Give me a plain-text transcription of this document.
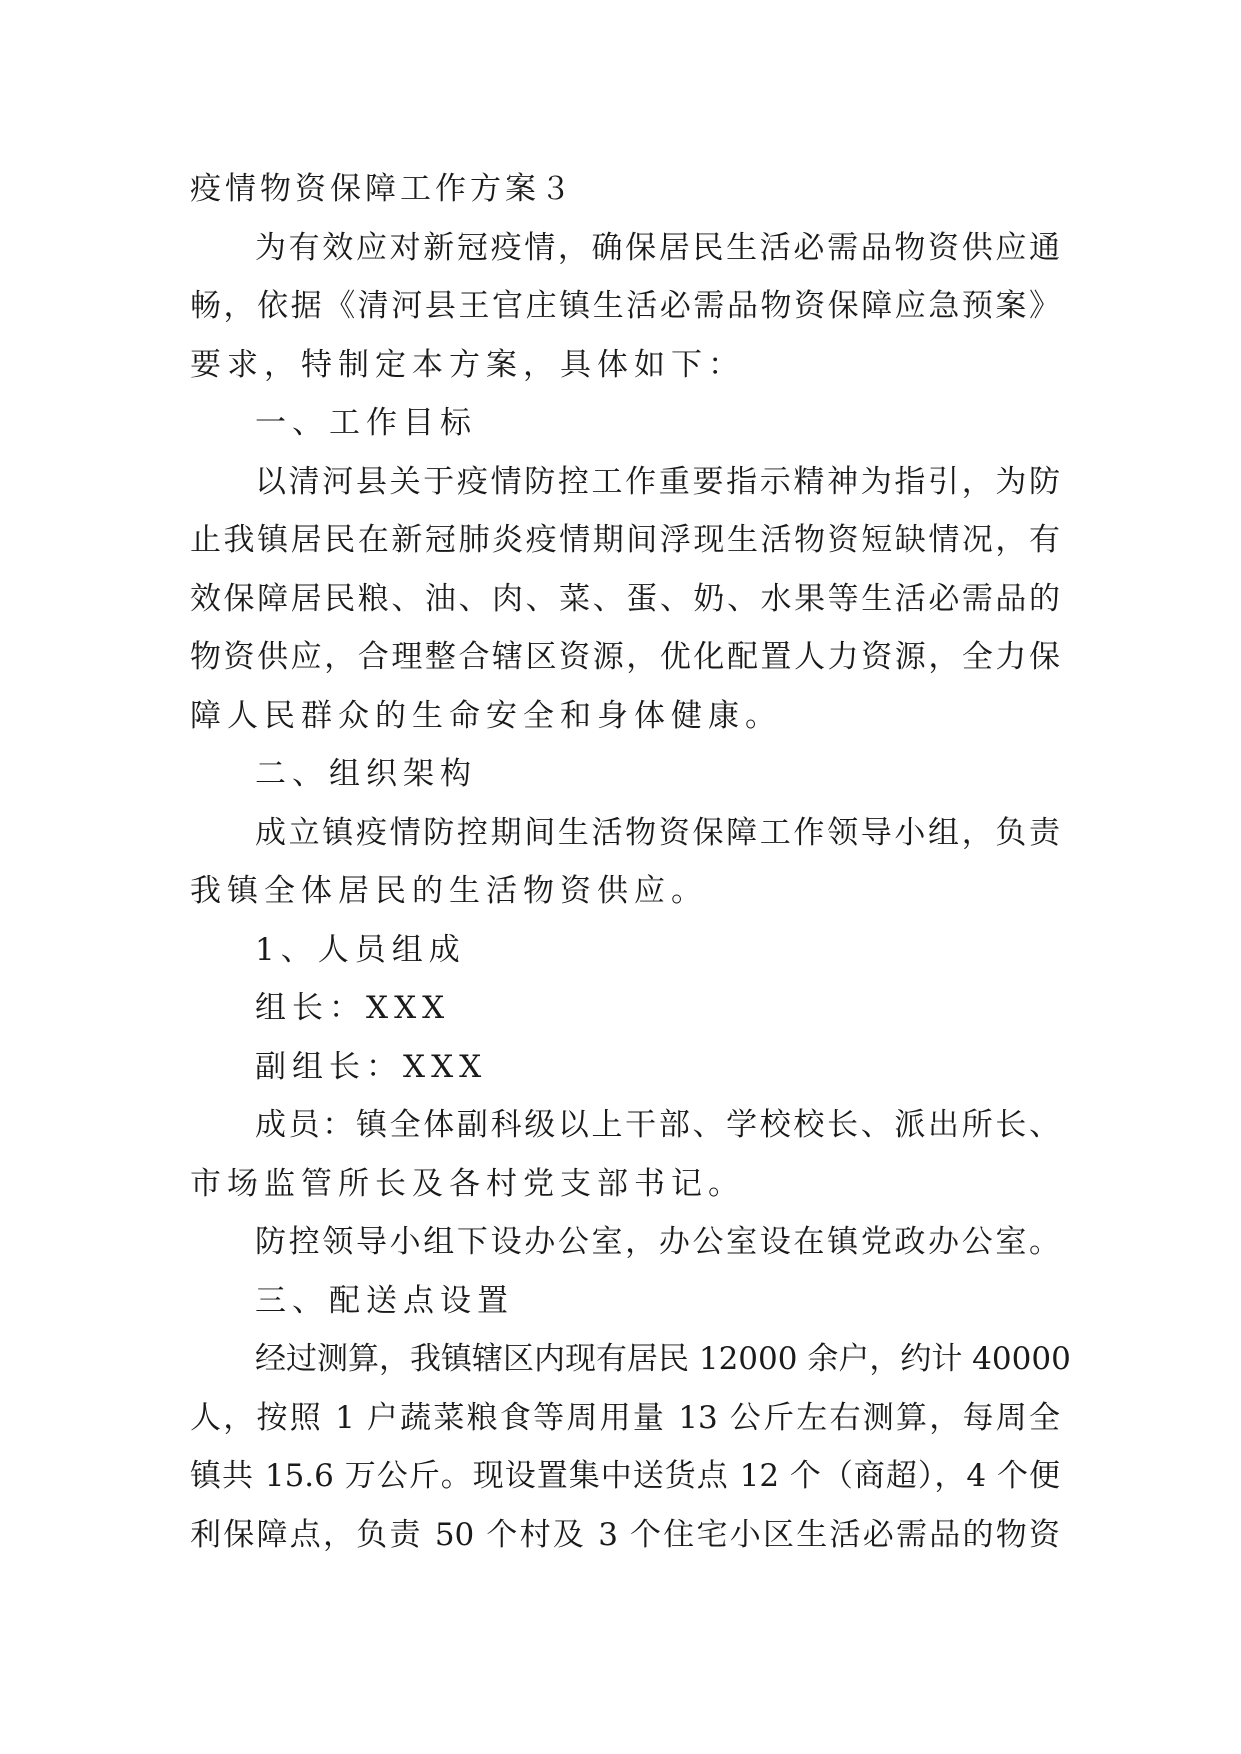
疫情物资保障工作方案３
为有效应对新冠疫情，确保居民生活必需品物资供应通
畅，依据《清河县王官庄镇生活必需品物资保障应急预案》
要求，特制定本方案，具体如下：
一、工作目标
以清河县关于疫情防控工作重要指示精神为指引，为防
止我镇居民在新冠肺炎疫情期间浮现生活物资短缺情况，有
效保障居民粮、油、肉、菜、蛋、奶、水果等生活必需品的
物资供应，合理整合辖区资源，优化配置人力资源，全力保
障人民群众的生命安全和身体健康。
二、组织架构
成立镇疫情防控期间生活物资保障工作领导小组，负责
我镇全体居民的生活物资供应。
1、人员组成
组长：XXX
副组长：XXX
成员：镇全体副科级以上干部、学校校长、派出所长、
市场监管所长及各村党支部书记。
防控领导小组下设办公室，办公室设在镇党政办公室。
三、配送点设置
经过测算，我镇辖区内现有居民 12000 余户，约计 40000
人，按照 1 户蔬菜粮食等周用量 13 公斤左右测算，每周全
镇共 15.6 万公斤。现设置集中送货点 12 个（商超），4 个便
利保障点，负责 50 个村及 3 个住宅小区生活必需品的物资
